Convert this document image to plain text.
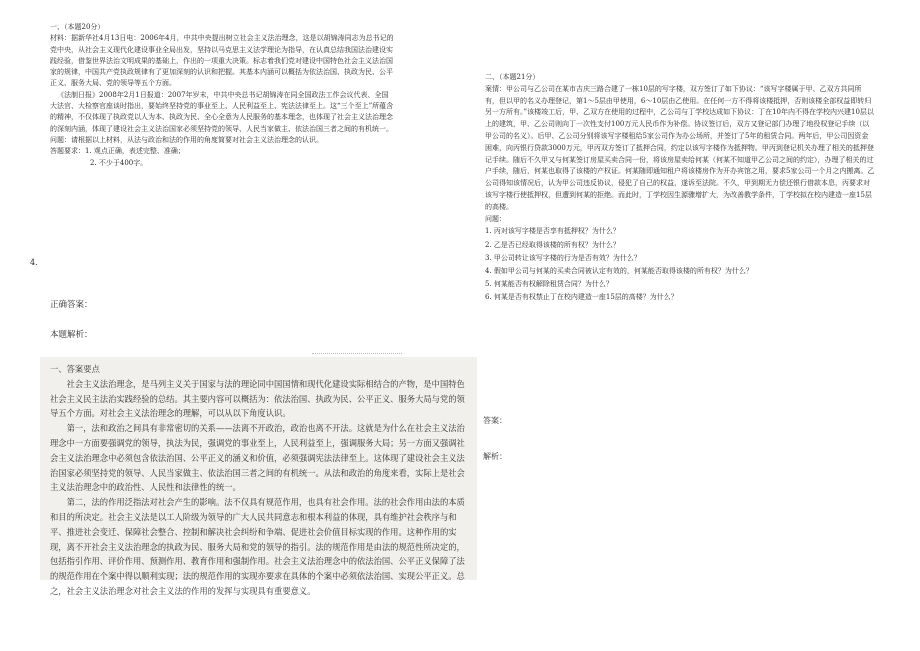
一、（本题20分）

材料：据新华社4月13日电：2006年4月，中共中央提出树立社会主义法治理念，这是以胡锦涛同志为总书记的党中央，从社会主义现代化建设事业全局出发，坚持以马克思主义法学理论为指导，在认真总结我国法治建设实践经验，借鉴世界法治文明成果的基础上，作出的一项重大决策。标志着我们党对建设中国特色社会主义法治国家的规律，中国共产党执政规律有了更加深刻的认识和把握。其基本内涵可以概括为依法治国、执政为民、公平正义、服务大局、党的领导等五个方面。

《法制日报》2008年2月1日报道：2007年岁末，中共中央总书记胡锦涛在同全国政法工作会议代表、全国大法官、大检察官座谈时指出，要始终坚持党的事业至上、人民利益至上、宪法法律至上。这“三个至上”所蕴含的精神，不仅体现了执政党以人为本、执政为民、全心全意为人民服务的基本理念，也体现了社会主义法治理念的深刻内涵，体现了建设社会主义法治国家必须坚持党的领导、人民当家做主、依法治国三者之间的有机统一。

问题：请根据以上材料，从法与政治和法的作用的角度简要对社会主义法治理念的认识。

答题要求：1. 观点正确，表述完整、准确；

2. 不少于400字。

4.
正确答案：
本题解析：

一、答案要点

社会主义法治理念，是马列主义关于国家与法的理论同中国国情和现代化建设实际相结合的产物，是中国特色社会主义民主法治实践经验的总结。其主要内容可以概括为：依法治国、执政为民、公平正义、服务大局与党的领导五个方面。对社会主义法治理念的理解，可以从以下角度认识。

第一，法和政治之间具有非常密切的关系——法离不开政治，政治也离不开法。这就是为什么在社会主义法治理念中一方面要强调党的领导，执法为民，强调党的事业至上，人民利益至上，强调服务大局；另一方面又强调社会主义法治理念中必须包含依法治国、公平正义的涵义和价值，必须强调宪法法律至上。这体现了建设社会主义法治国家必须坚持党的领导、人民当家做主、依法治国三者之间的有机统一。从法和政治的角度来看，实际上是社会主义法治理念中的政治性、人民性和法律性的统一。

第二，法的作用泛指法对社会产生的影响。法不仅具有规范作用，也具有社会作用。法的社会作用由法的本质和目的所决定。社会主义法是以工人阶级为领导的广大人民共同意志和根本利益的体现，具有维护社会秩序与和平、推进社会变迁、保障社会整合、控制和解决社会纠纷和争端、促进社会价值目标实现的作用。这种作用的实现，离不开社会主义法治理念的执政为民、服务大局和党的领导的指引。法的规范作用是由法的规范性所决定的，包括指引作用、评价作用、预测作用、教育作用和强制作用。社会主义法治理念中的依法治国、公平正义保障了法的规范作用在个案中得以顺利实现；法的规范作用的实现亦要求在具体的个案中必须依法治国、实现公平正义。总之，社会主义法治理念对社会主义法的作用的发挥与实现具有重要意义。

二、（本题21分）

案情：甲公司与乙公司在某市吉庆三路合建了一栋10层的写字楼，双方签订了如下协议：“该写字楼属于甲、乙双方共同所有，但以甲的名义办理登记，第1～5层由甲使用，6～10层由乙使用。在任何一方不得将该楼抵押，否则该楼全部权益即转归另一方所有。”该楼竣工后，甲、乙双方在使用的过程中，乙公司与丁学校达成如下协议：丁在10年内不得在学校内兴建10层以上的建筑，甲、乙公司则向丁一次性支付100万元人民币作为补偿。协议签订后，双方又登记部门办理了地役权登记手续（以甲公司的名义）。后甲、乙公司分别将该写字楼租给5家公司作为办公场所，并签订了5年的租赁合同。两年后，甲公司因资金困难，向丙银行贷款3000万元，甲丙双方签订了抵押合同，约定以该写字楼作为抵押物。甲丙到登记机关办理了相关的抵押登记手续。随后不久甲又与何某签订房屋买卖合同一份，将该房屋卖给何某（何某不知道甲乙公司之间的约定），办理了相关的过户手续，随后，何某也取得了该楼的产权证。何某随即通知租户将该楼房作为开办宾馆之用，要求5家公司一个月之内搬离。乙公司得知该情况后，认为甲公司违反协议，侵犯了自己的权益，遂诉至法院。不久，甲到期无力偿还银行借款本息，丙要求对该写字楼行使抵押权，但遭到何某的拒绝。而此时，丁学校因生源骤增扩大，为改善教学条件，丁学校拟在校内建造一座15层的高楼。

问题：

1. 丙对该写字楼是否享有抵押权？为什么？

2. 乙是否已经取得该楼的所有权？为什么？

3. 甲公司转让该写字楼的行为是否有效？为什么？

4. 假如甲公司与何某的买卖合同被认定有效的，何某能否取得该楼的所有权？为什么？

5. 何某能否有权解除租赁合同？为什么？

6. 何某是否有权禁止丁在校内建造一座15层的高楼？为什么？

答案：
解析：
